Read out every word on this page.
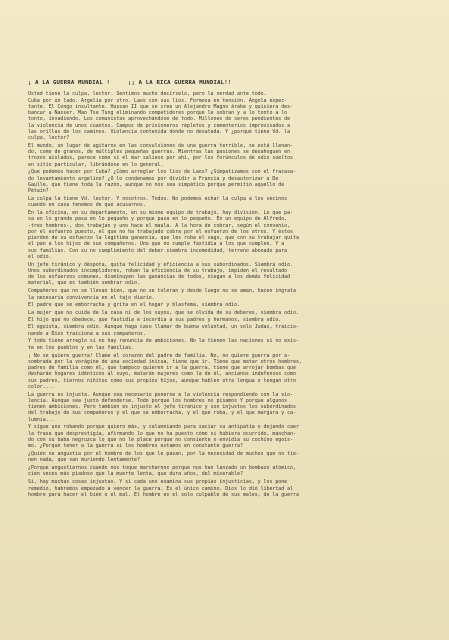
¡ A LA GUERRA MUNDIAL !     ¡¡ A LA RICA GUERRA MUNDIAL!!
Usted tiene la culpa, lector. Sentimos mucho decírselo, pero la verdad ante todo.
Cuba por un lado. Argelia por otro. Laos con sus líos. Formosa en tensión. Angola expec-
tante. El Congo insultante. Hussan II que se cree un Alejandro Magno árabe y quisiera des-
bancar a Nasser. Mao Tse Tung eliminando competidores porque le sobran y a lo tonto a lo
tonto, invadiendo. Los comunistas aprovechándose de todo. Millones de seres pendientes de
la violencia de unos cuantos. Campos de prisioneros repletos y cementerios improvisados a
las orillas de los caminos. Violencia contenida donde no desatada. Y ¿porqué tiene Vd. la
culpa, lector?
El mundo, un lugar de agitaros en las convulsiones de una guerra terrible, se está llenan-
do, como de granos, de múltiples pequeñas guerras. Mientras las pasiones se desahoguen en
trozos aislados, parece como si el mar salieso por ahí, por los forúnculos de odio sueltos
en sitio particular, librándose en lo general.
¿Que podemos hacer por Cuba? ¿Cómo arreglar los líos de Laos? ¿Simpatizamos con el fracasa-
do levantamiento argelino? ¿O lo condenamos por dividir a Francia y desautorizar a De
Gaulle, que tiene toda la razón, aunque no nos sea simpático porque permitió aquello de
Pétain?
La culpa la tiene Vd. lector. Y nosotros. Todos. No podemos echar la culpa a los vecinos
cuando en casa tenemos de qué acusarnos.
En la oficina, en su departamento, en su mismo equipo de trabajo, hay división. Lo que pa-
sa en lo grande pasa en lo pequeño y porque pasa en lo pequeño. En un equipo de Alfredo,
-tres hombres-, dos trabajan y uno hace el maula. A la hora de cobrar, según el convenio,
por el esfuerzo puesto, el que no ha trabajado cobra por el esfuerzo de los otros. Y éstos
pierden de su esfuerzo la legítima ganancia, que les roba el vago, que con su trabajar quita
el pan a los hijos de sus compañeros. Uno que no cumple fastidia a los que cumplen. Y a
sus familias. Con su no cumplimiento del deber siembra incomodidad, terreno abonado para
el odio.
Un jefe tiránico y déspota, quita felicidad y eficiencia a sus subordinados. Siembra odio.
Unos subordinados incumplidores, roban la eficiencia de su trabajo, impiden el resultado
de los esfuerzos comunes, disminuyen las ganancias de todos, niegan a los demás felicidad
material, que es también sembrar odio.
Compañeros que no se llevan bien, que no se toleran y desde luego no se aman, hacen ingrata
la necesaria convivencia en el tajo diario.
El padre que se emborracha y grita en el hogar y blasfema, siembra odio.
La mujer que no cuida de la casa ni de los suyos, que se olvida de su deberes, siembra odio.
El hijo que no obedece, que fastidia e incordia a sus padres y hermanos, siembra odio.
El egoísta, siembra odio. Aunque haga caso llamar de buena voluntad, un solo Judas, traicio-
nando a Dios traiciona a sus compañeros.
Y todo tiene arreglo si no hay renuncia de ambiciones. No la tienen las naciones si no exis-
te en los pueblos y en las familias.
¡ No se quiere guerra! Clame el corazón del padre de familia. No, no quiere guerra por a-
sombrada por la vorágine de una sociedad inicua, tiene que ir. Tiene que matar otros hombres,
padres de familia como él, que tampoco quieren ir a la guerra, tiene que arrojar bombas que
desharán hogares idénticos al suyo, matarán mujeres como la de él, ancianos indefensos como
sus padres, tiernos niñitos como sus propios hijos, aunque hablen otra lengua o tengan otro
color....
La guerra es injusta. Aunque sea necesario ponerse a la violencia respondiendo con la vio-
lencia. Aunque sea justo defenderse. Todo porque los hombres no pisamos Y porque algunos
tienen ambiciones. Pero también es injusto el jefe tiránico y son injustos los subordinados
del trabajo de sus compañeros y el que se emborracha, y el que roba, y el que margura y ca-
lumnia...
Y sigue uno robando porque quiero más, y calumniando para saciar su antipatía o dejando caer
la frase que desprestigia, afirmando lo que no ha puesto cómo si hubiera ocurrido, manchan-
do con su baba negruzca lo que no le place porque no consiente o envidia su cochino egoís-
mo. ¿Porqué tener a la guerra si los hombres estamos en constante guerra?
¿Quién se angustia por el hombre de los que le pasan, por la necesidad de muchos que no tie-
nen nada, que van muriendo lentamente?
¿Porque angustiarnos cuando nos toque marcharnos porque nos han lanzado un bombazo atómico,
cien veces más piadoso que la muerte lenta, que dura años, del miserable?
Sí, hay muchas cosas injustas. Y si cada uno examina sus propias injusticias, y los pone
remedio, habremos empezado a vencer la guerra. Es el único camino. Dios lo dió libertad al
hombre para hacer el bien o el mal. El hombre es el solo culpable de sus males, de la guerra
